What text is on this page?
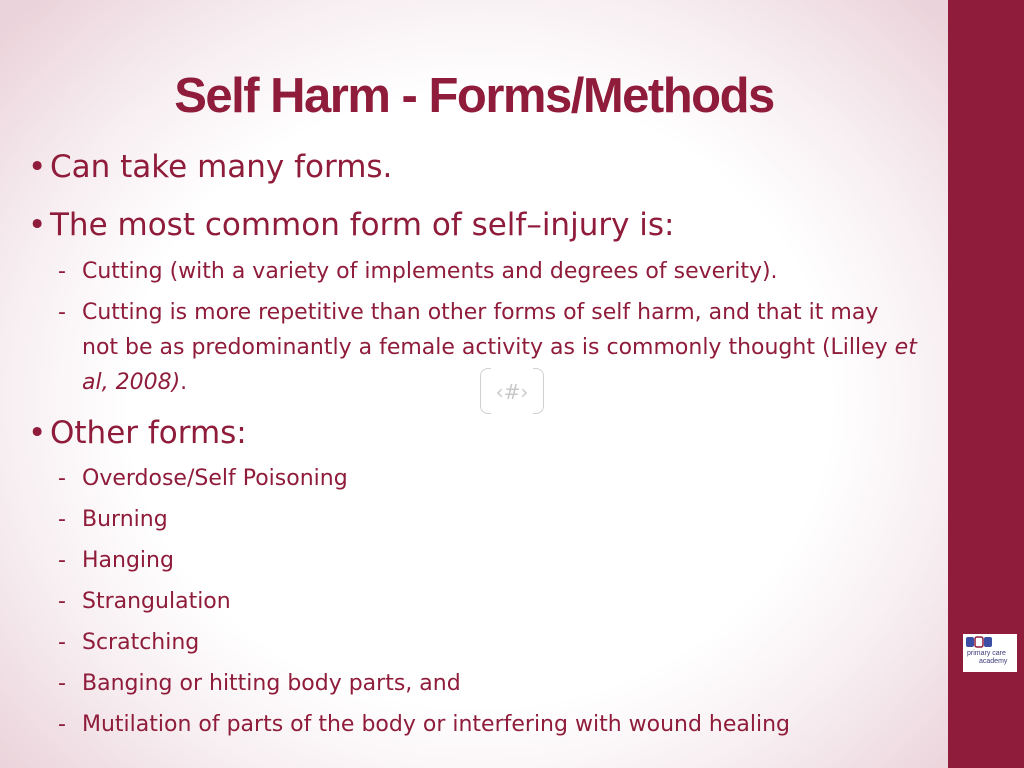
Self Harm - Forms/Methods
• Can take many forms.
• The most common form of self–injury is:
- Cutting (with a variety of implements and degrees of severity).
- Cutting is more repetitive than other forms of self harm, and that it may not be as predominantly a female activity as is commonly thought (Lilley et al, 2008).	‹#›
• Other forms:
- Overdose/Self Poisoning
- Burning
- Hanging
- Strangulation
- Scratching
- Banging or hitting body parts, and
- Mutilation of parts of the body or interfering with wound healing
primary care
academy
